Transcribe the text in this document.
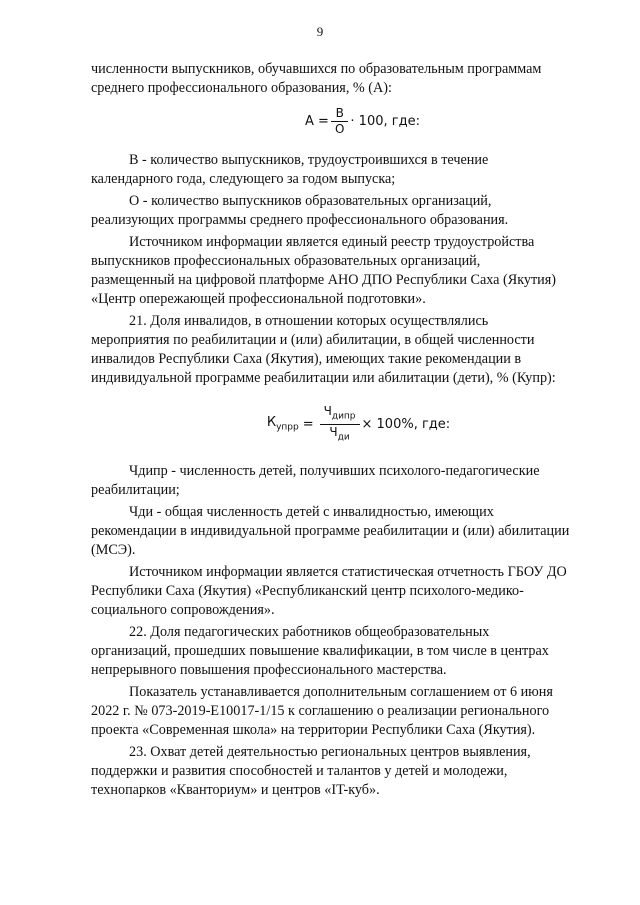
9

численности выпускников, обучавшихся по образовательным программам
среднего профессионального образования, % (А):

$А = \frac{В}{О} \cdot 100$, где:

В - количество выпускников, трудоустроившихся в течение
календарного года, следующего за годом выпуска;

О - количество выпускников образовательных организаций,
реализующих программы среднего профессионального образования.

Источником информации является единый реестр трудоустройства
выпускников профессиональных образовательных организаций,
размещенный на цифровой платформе АНО ДПО Республики Саха (Якутия)
«Центр опережающей профессиональной подготовки».

21. Доля инвалидов, в отношении которых осуществлялись
мероприятия по реабилитации и (или) абилитации, в общей численности
инвалидов Республики Саха (Якутия), имеющих такие рекомендации в
индивидуальной программе реабилитации или абилитации (дети), % (Купр):

$К_{упрр} = \frac{Ч_{дипр}}{Ч_{ди}} \times 100\%$, где:

Чдипр - численность детей, получивших психолого-педагогические
реабилитации;

Чди - общая численность детей с инвалидностью, имеющих
рекомендации в индивидуальной программе реабилитации и (или) абилитации
(МСЭ).

Источником информации является статистическая отчетность ГБОУ ДО
Республики Саха (Якутия) «Республиканский центр психолого-медико-
социального сопровождения».

22. Доля педагогических работников общеобразовательных
организаций, прошедших повышение квалификации, в том числе в центрах
непрерывного повышения профессионального мастерства.

Показатель устанавливается дополнительным соглашением от 6 июня
2022 г. № 073-2019-Е10017-1/15 к соглашению о реализации регионального
проекта «Современная школа» на территории Республики Саха (Якутия).

23. Охват детей деятельностью региональных центров выявления,
поддержки и развития способностей и талантов у детей и молодежи,
технопарков «Кванториум» и центров «IT-куб».
